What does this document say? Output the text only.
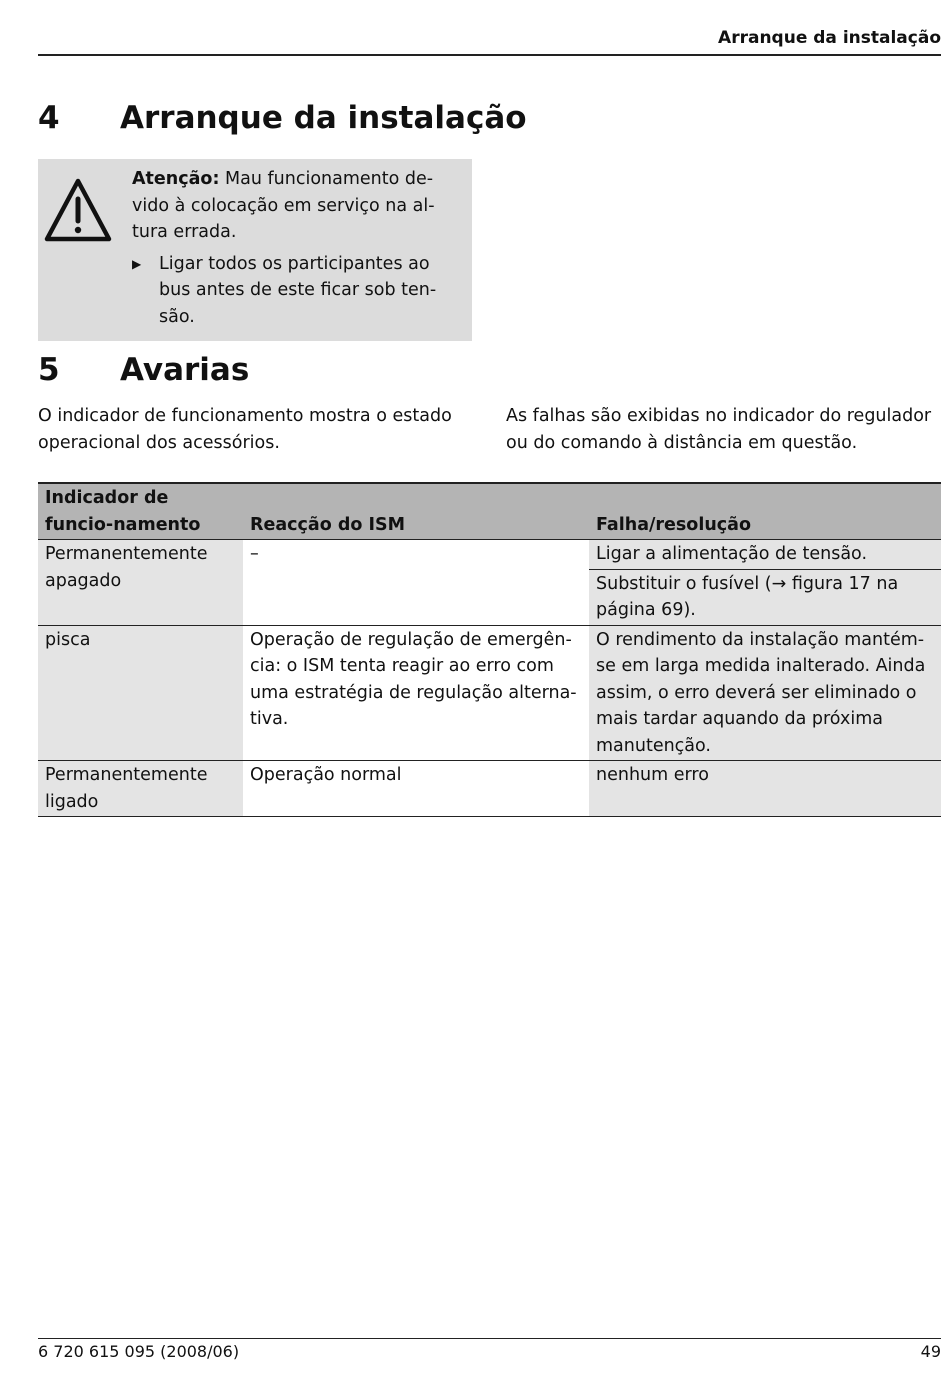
Arranque da instalação
4 Arranque da instalação
Atenção: Mau funcionamento de-vido à colocação em serviço na al-tura errada.
▶ Ligar todos os participantes ao bus antes de este ficar sob ten-são.
5 Avarias
O indicador de funcionamento mostra o estado operacional dos acessórios.
As falhas são exibidas no indicador do regulador ou do comando à distância em questão.
Indicador de funcio-namento	Reacção do ISM	Falha/resolução
Permanentemente apagado	–	Ligar a alimentação de tensão.
		Substituir o fusível (→ figura 17 na página 69).
pisca	Operação de regulação de emergên-cia: o ISM tenta reagir ao erro com uma estratégia de regulação alterna-tiva.	O rendimento da instalação mantém-se em larga medida inalterado. Ainda assim, o erro deverá ser eliminado o mais tardar aquando da próxima manutenção.
Permanentemente ligado	Operação normal	nenhum erro
6 720 615 095 (2008/06)	49
